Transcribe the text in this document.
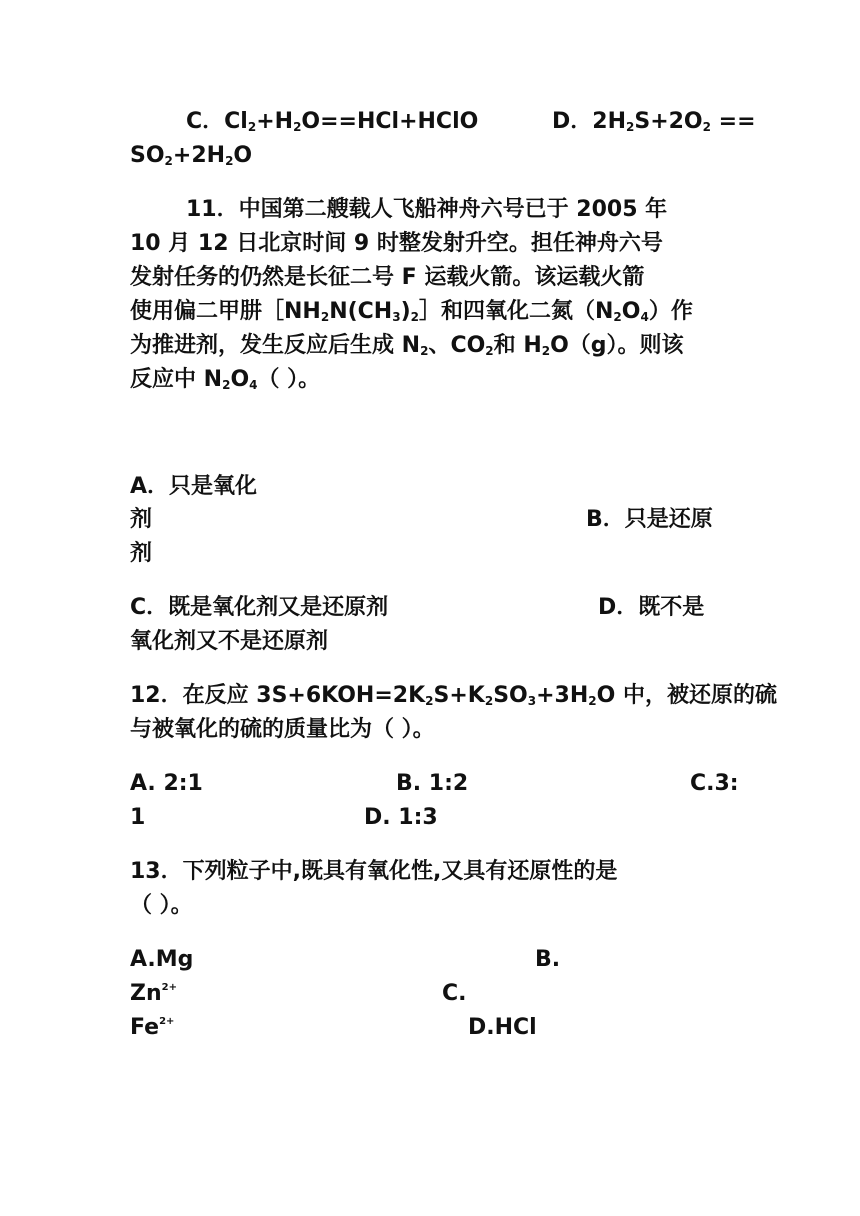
C．$Cl_2+H_2O==HCl+HClO$	D．$2H_2S+2O_2$ ==
$SO_2+2H_2O$
11．中国第二艘载人飞船神舟六号已于 2005 年
10 月 12 日北京时间 9 时整发射升空。担任神舟六号
发射任务的仍然是长征二号 F 运载火箭。该运载火箭
使用偏二甲肼$[NH_2N(CH_3)_2]$和四氧化二氮$(N_2O_4)$作
为推进剂，发生反应后生成 $N_2$、$CO_2$和 $H_2O(g)$。则该
反应中 $N_2O_4$（ ）。
A．只是氧化
剂	B．只是还原
剂
C．既是氧化剂又是还原剂	D．既不是
氧化剂又不是还原剂
12．在反应 $3S+6KOH=2K_2S+K_2SO_3+3H_2O$ 中，被还原的硫
与被氧化的硫的质量比为（ ）。
A. 2:1	B. 1:2	C.3:
1	D. 1:3
13．下列粒子中,既具有氧化性,又具有还原性的是
（ ）。
A.Mg	B.
$Zn^{2+}$	C.
$Fe^{2+}$	D.HCl
